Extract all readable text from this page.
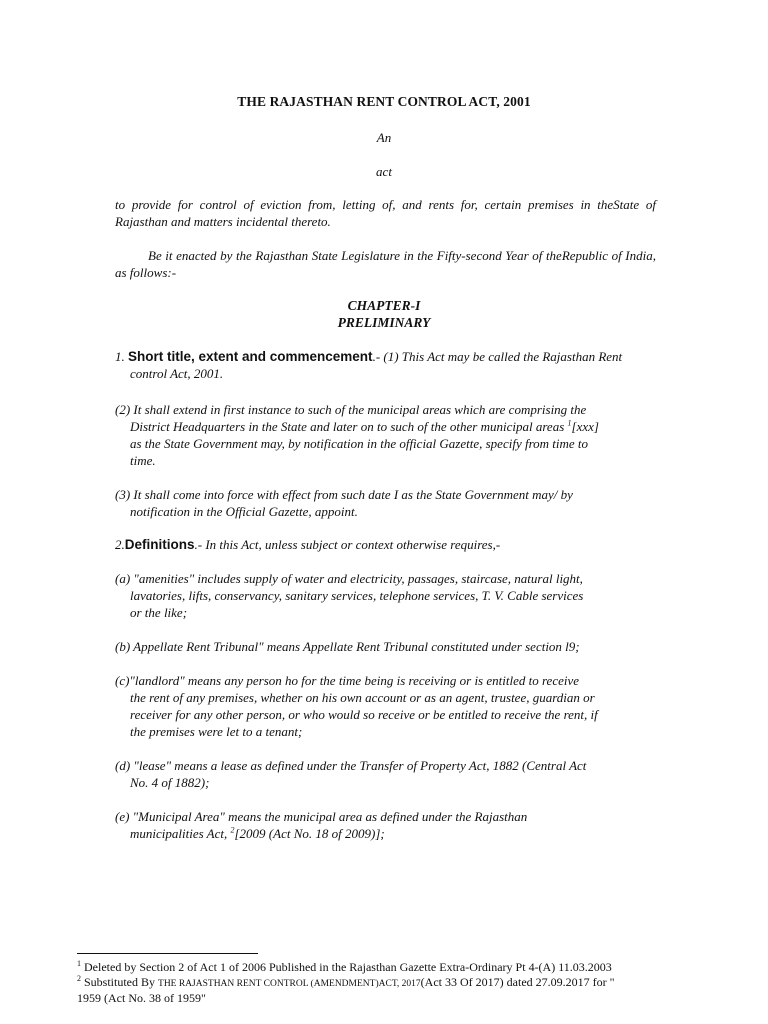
THE RAJASTHAN RENT CONTROL ACT, 2001
An
act
to provide for control of eviction from, letting of, and rents for, certain premises in theState of Rajasthan and matters incidental thereto.
Be it enacted by the Rajasthan State Legislature in the Fifty-second Year of theRepublic of India, as follows:-
CHAPTER-I
PRELIMINARY
1. Short title, extent and commencement.- (1) This Act may be called the Rajasthan Rent
control Act, 2001.
(2) It shall extend in first instance to such of the municipal areas which are comprising the
District Headquarters in the State and later on to such of the other municipal areas $^1$[xxx]
as the State Government may, by notification in the official Gazette, specify from time to
time.
(3) It shall come into force with effect from such date I as the State Government may/ by
notification in the Official Gazette, appoint.
2.Definitions.- In this Act, unless subject or context otherwise requires,-
(a) "amenities" includes supply of water and electricity, passages, staircase, natural light,
lavatories, lifts, conservancy, sanitary services, telephone services, T. V. Cable services
or the like;
(b) Appellate Rent Tribunal" means Appellate Rent Tribunal constituted under section l9;
(c)"landlord" means any person ho for the time being is receiving or is entitled to receive
the rent of any premises, whether on his own account or as an agent, trustee, guardian or
receiver for any other person, or who would so receive or be entitled to receive the rent, if
the premises were let to a tenant;
(d) "lease" means a lease as defined under the Transfer of Property Act, 1882 (Central Act
No. 4 of 1882);
(e) "Municipal Area" means the municipal area as defined under the Rajasthan
municipalities Act, $^2$[2009 (Act No. 18 of 2009)];
$^1$ Deleted by Section 2 of Act 1 of 2006 Published in the Rajasthan Gazette Extra-Ordinary Pt 4-(A) 11.03.2003
$^2$ Substituted By THE RAJASTHAN RENT CONTROL (AMENDMENT)ACT, 2017(Act 33 Of 2017) dated 27.09.2017 for "
1959 (Act No. 38 of 1959"
